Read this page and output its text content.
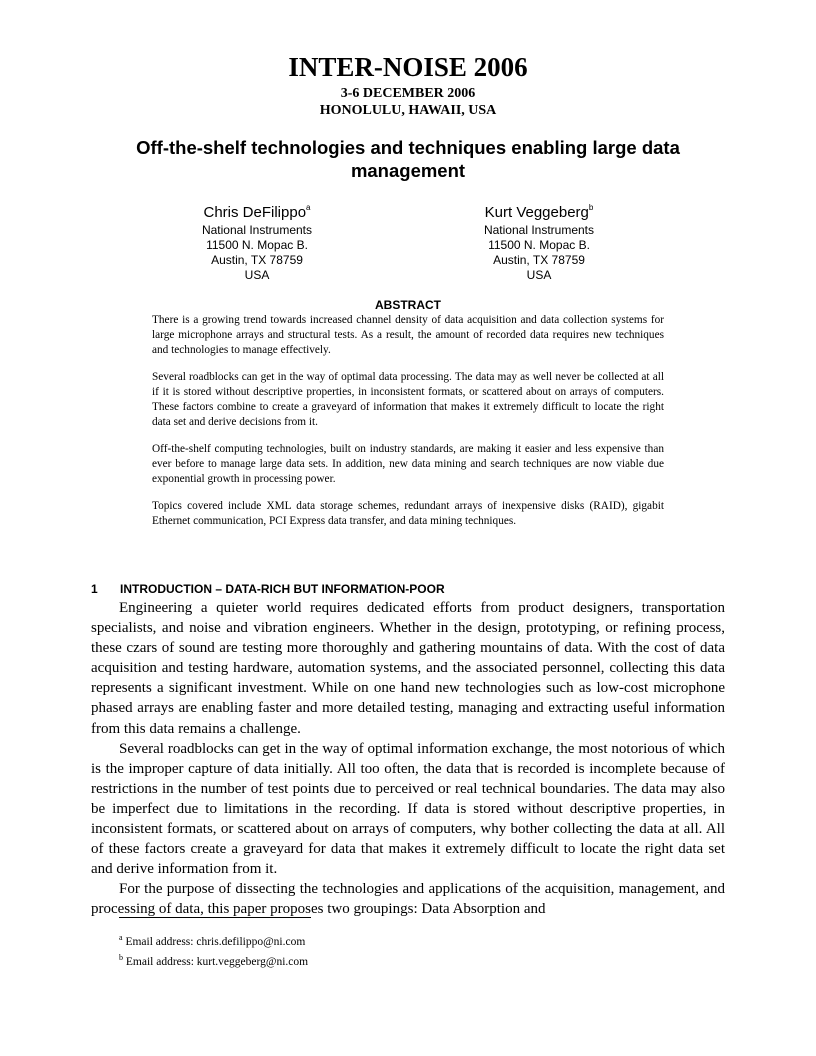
INTER-NOISE 2006
3-6 DECEMBER 2006
HONOLULU, HAWAII, USA
Off-the-shelf technologies and techniques enabling large data management
Chris DeFilippo$^a$
National Instruments
11500 N. Mopac B.
Austin, TX 78759
USA
Kurt Veggeberg$^b$
National Instruments
11500 N. Mopac B.
Austin, TX 78759
USA
ABSTRACT

There is a growing trend towards increased channel density of data acquisition and data collection systems for large microphone arrays and structural tests. As a result, the amount of recorded data requires new techniques and technologies to manage effectively.

Several roadblocks can get in the way of optimal data processing. The data may as well never be collected at all if it is stored without descriptive properties, in inconsistent formats, or scattered about on arrays of computers. These factors combine to create a graveyard of information that makes it extremely difficult to locate the right data set and derive decisions from it.

Off-the-shelf computing technologies, built on industry standards, are making it easier and less expensive than ever before to manage large data sets. In addition, new data mining and search techniques are now viable due exponential growth in processing power.

Topics covered include XML data storage schemes, redundant arrays of inexpensive disks (RAID), gigabit Ethernet communication, PCI Express data transfer, and data mining techniques.

1 INTRODUCTION – DATA-RICH BUT INFORMATION-POOR

Engineering a quieter world requires dedicated efforts from product designers, transportation specialists, and noise and vibration engineers. Whether in the design, prototyping, or refining process, these czars of sound are testing more thoroughly and gathering mountains of data. With the cost of data acquisition and testing hardware, automation systems, and the associated personnel, collecting this data represents a significant investment. While on one hand new technologies such as low-cost microphone phased arrays are enabling faster and more detailed testing, managing and extracting useful information from this data remains a challenge.

Several roadblocks can get in the way of optimal information exchange, the most notorious of which is the improper capture of data initially. All too often, the data that is recorded is incomplete because of restrictions in the number of test points due to perceived or real technical boundaries. The data may also be imperfect due to limitations in the recording. If data is stored without descriptive properties, in inconsistent formats, or scattered about on arrays of computers, why bother collecting the data at all. All of these factors create a graveyard for data that makes it extremely difficult to locate the right data set and derive information from it.

For the purpose of dissecting the technologies and applications of the acquisition, management, and processing of data, this paper proposes two groupings: Data Absorption and

$^a$ Email address: chris.defilippo@ni.com
$^b$ Email address: kurt.veggeberg@ni.com
